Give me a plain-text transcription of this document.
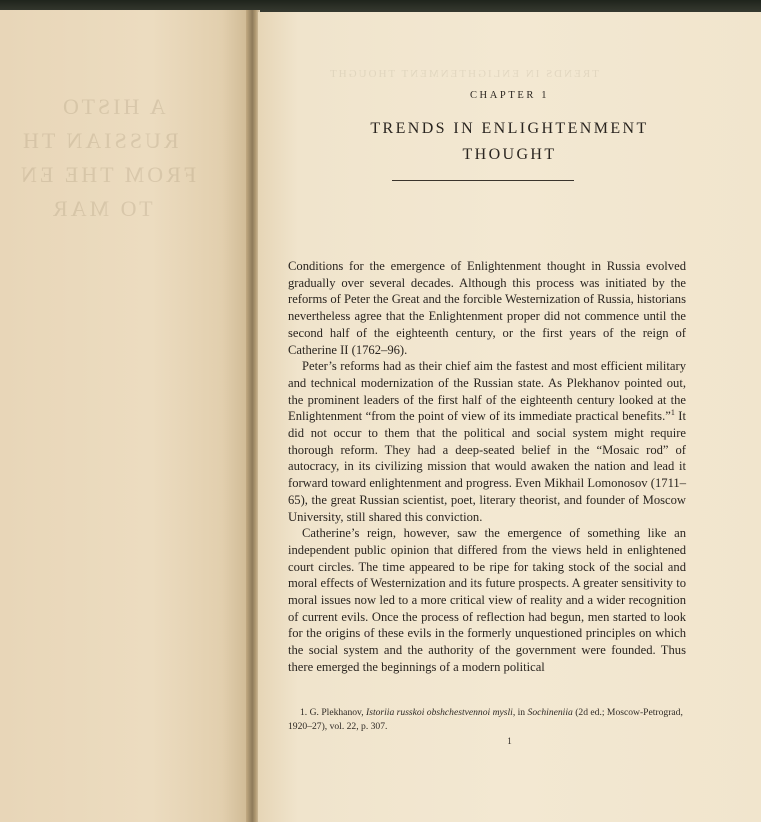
A HISTO
RUSSIAN TH
FROM THE EN
TO MAR
TRENDS IN ENLIGHTENMENT THOUGHT
CHAPTER 1
TRENDS IN ENLIGHTENMENT
THOUGHT

Conditions for the emergence of Enlightenment thought in Russia evolved gradually over several decades. Although this process was initiated by the reforms of Peter the Great and the forcible Westernization of Russia, historians nevertheless agree that the Enlightenment proper did not commence until the second half of the eighteenth century, or the first years of the reign of Catherine II (1762–96).

Peter’s reforms had as their chief aim the fastest and most efficient military and technical modernization of the Russian state. As Plekhanov pointed out, the prominent leaders of the first half of the eighteenth century looked at the Enlightenment “from the point of view of its immediate practical benefits.”$^1$ It did not occur to them that the political and social system might require thorough reform. They had a deep-seated belief in the “Mosaic rod” of autocracy, in its civilizing mission that would awaken the nation and lead it forward toward enlightenment and progress. Even Mikhail Lomonosov (1711–65), the great Russian scientist, poet, literary theorist, and founder of Moscow University, still shared this conviction.

Catherine’s reign, however, saw the emergence of something like an independent public opinion that differed from the views held in enlightened court circles. The time appeared to be ripe for taking stock of the social and moral effects of Westernization and its future prospects. A greater sensitivity to moral issues now led to a more critical view of reality and a wider recognition of current evils. Once the process of reflection had begun, men started to look for the origins of these evils in the formerly unquestioned principles on which the social system and the authority of the government were founded. Thus there emerged the beginnings of a modern political

1. G. Plekhanov, Istoriia russkoi obshchestvennoi mysli, in Sochineniia (2d ed.; Moscow-Petrograd, 1920–27), vol. 22, p. 307.
1
